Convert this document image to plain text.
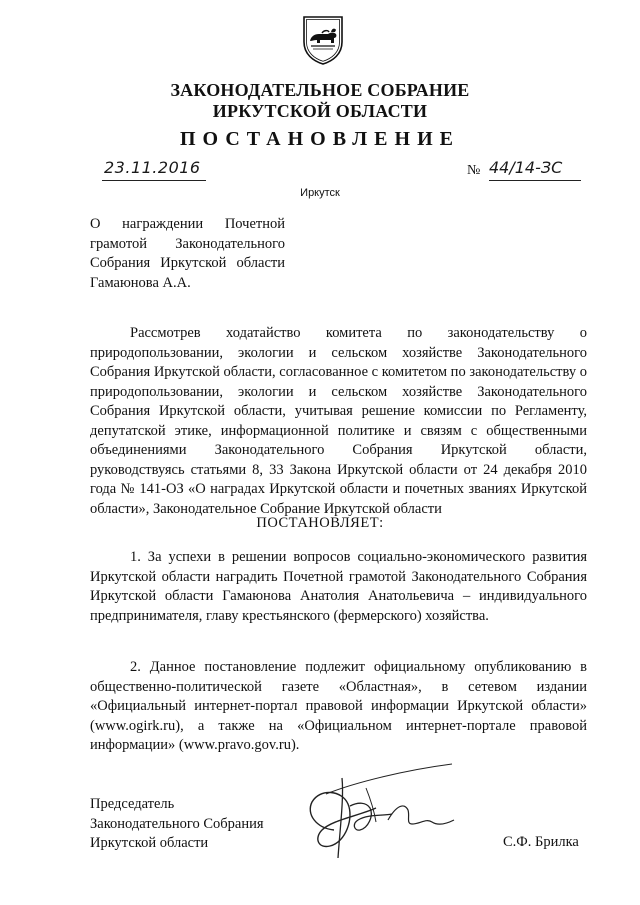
ЗАКОНОДАТЕЛЬНОЕ СОБРАНИЕ
ИРКУТСКОЙ ОБЛАСТИ
ПОСТАНОВЛЕНИЕ
23.11.2016	№ 44/14-ЗС
Иркутск
О награждении Почетной грамотой Законодательного Собрания Иркутской области Гамаюнова А.А.
Рассмотрев ходатайство комитета по законодательству о природопользовании, экологии и сельском хозяйстве Законодательного Собрания Иркутской области, согласованное с комитетом по законодательству о природопользовании, экологии и сельском хозяйстве Законодательного Собрания Иркутской области, учитывая решение комиссии по Регламенту, депутатской этике, информационной политике и связям с общественными объединениями Законодательного Собрания Иркутской области, руководствуясь статьями 8, 33 Закона Иркутской области от 24 декабря 2010 года № 141-ОЗ «О наградах Иркутской области и почетных званиях Иркутской области», Законодательное Собрание Иркутской области
ПОСТАНОВЛЯЕТ:
1. За успехи в решении вопросов социально-экономического развития Иркутской области наградить Почетной грамотой Законодательного Собрания Иркутской области Гамаюнова Анатолия Анатольевича – индивидуального предпринимателя, главу крестьянского (фермерского) хозяйства.
2. Данное постановление подлежит официальному опубликованию в общественно-политической газете «Областная», в сетевом издании «Официальный интернет-портал правовой информации Иркутской области» (www.ogirk.ru), а также на «Официальном интернет-портале правовой информации» (www.pravo.gov.ru).
Председатель
Законодательного Собрания
Иркутской области	С.Ф. Брилка
